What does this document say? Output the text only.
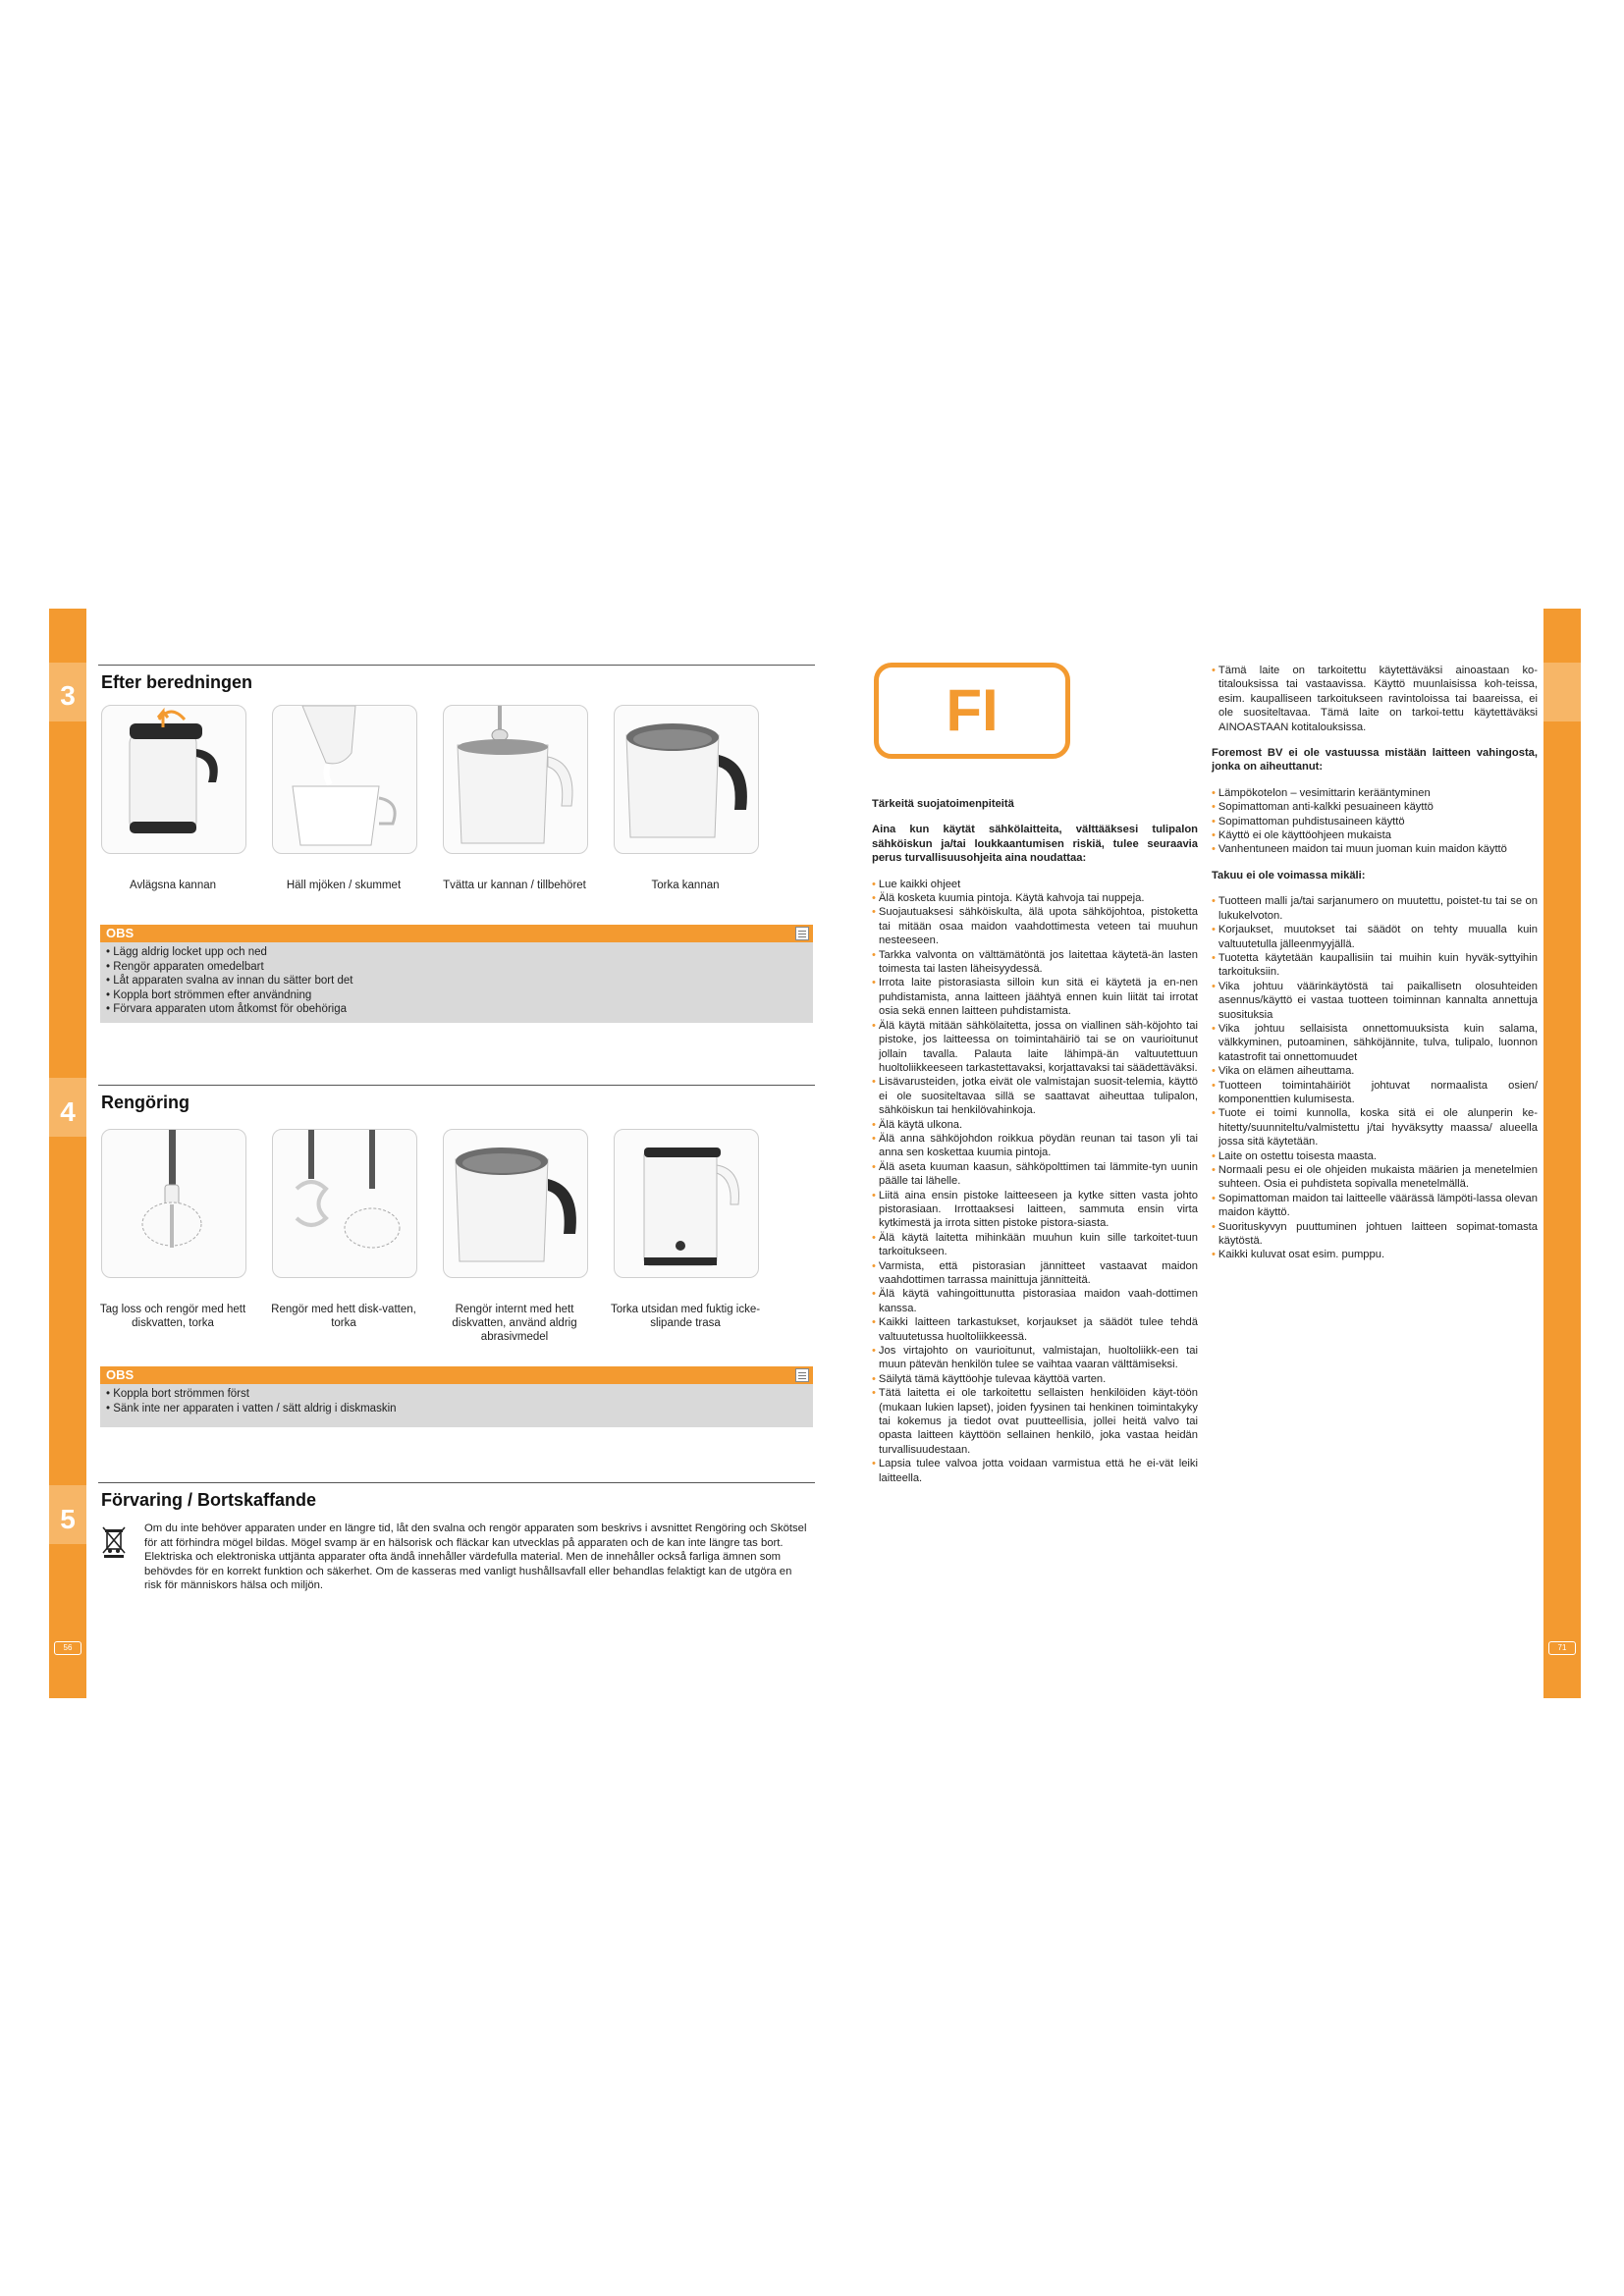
3
4
5
56
Efter beredningen
Avlägsna kannan	Häll mjöken / skummet	Tvätta ur kannan / tillbehöret	Torka kannan
OBS
• Lägg aldrig locket upp och ned
• Rengör apparaten omedelbart
• Låt apparaten svalna av innan du sätter bort det
• Koppla bort strömmen efter användning
• Förvara apparaten utom åtkomst för obehöriga
Rengöring
Tag loss och rengör med hett diskvatten, torka
Rengör med hett disk-vatten, torka
Rengör internt med hett diskvatten, använd aldrig abrasivmedel
Torka utsidan med fuktig icke-slipande trasa
OBS
• Koppla bort strömmen först
• Sänk inte ner apparaten i vatten / sätt aldrig i diskmaskin
Förvaring / Bortskaffande
Om du inte behöver apparaten under en längre tid, låt den svalna och rengör apparaten som beskrivs i avsnittet Rengöring och Skötsel för att förhindra mögel bildas. Mögel svamp är en hälsorisk och fläckar kan utvecklas på apparaten och de kan inte längre tas bort. Elektriska och elektroniska uttjänta apparater ofta ändå innehåller värdefulla material. Men de innehåller också farliga ämnen som behövdes för en korrekt funktion och säkerhet. Om de kasseras med vanligt hushållsavfall eller behandlas felaktigt kan de utgöra en risk för människors hälsa och miljön.
71
FI

Tärkeitä suojatoimenpiteitä

Aina kun käytät sähkölaitteita, välttääksesi tulipalon sähköiskun ja/tai loukkaantumisen riskiä, tulee seuraavia perus turvallisuusohjeita aina noudattaa:

• Lue kaikki ohjeet
• Älä kosketa kuumia pintoja. Käytä kahvoja tai nuppeja.
• Suojautuaksesi sähköiskulta, älä upota sähköjohtoa, pistoketta tai mitään osaa maidon vaahdottimesta veteen tai muuhun nesteeseen.
• Tarkka valvonta on välttämätöntä jos laitettaa käytetä-än lasten toimesta tai lasten läheisyydessä.
• Irrota laite pistorasiasta silloin kun sitä ei käytetä ja en-nen puhdistamista, anna laitteen jäähtyä ennen kuin liität tai irrotat osia sekä ennen laitteen puhdistamista.
• Älä käytä mitään sähkölaitetta, jossa on viallinen säh-köjohto tai pistoke, jos laitteessa on toimintahäiriö tai se on vaurioitunut jollain tavalla. Palauta laite lähimpä-än valtuutettuun huoltoliikkeeseen tarkastettavaksi, korjattavaksi tai säädettäväksi.
• Lisävarusteiden, jotka eivät ole valmistajan suosit-telemia, käyttö ei ole suositeltavaa sillä se saattavat aiheuttaa tulipalon, sähköiskun tai henkilövahinkoja.
• Älä käytä ulkona.
• Älä anna sähköjohdon roikkua pöydän reunan tai tason yli tai anna sen koskettaa kuumia pintoja.
• Älä aseta kuuman kaasun, sähköpolttimen tai lämmite-tyn uunin päälle tai lähelle.
• Liitä aina ensin pistoke laitteeseen ja kytke sitten vasta johto pistorasiaan. Irrottaaksesi laitteen, sammuta ensin virta kytkimestä ja irrota sitten pistoke pistora-siasta.
• Älä käytä laitetta mihinkään muuhun kuin sille tarkoitet-tuun tarkoitukseen.
• Varmista, että pistorasian jännitteet vastaavat maidon vaahdottimen tarrassa mainittuja jännitteitä.
• Älä käytä vahingoittunutta pistorasiaa maidon vaah-dottimen kanssa.
• Kaikki laitteen tarkastukset, korjaukset ja säädöt tulee tehdä valtuutetussa huoltoliikkeessä.
• Jos virtajohto on vaurioitunut, valmistajan, huoltoliikk-een tai muun pätevän henkilön tulee se vaihtaa vaaran välttämiseksi.
• Säilytä tämä käyttöohje tulevaa käyttöä varten.
• Tätä laitetta ei ole tarkoitettu sellaisten henkilöiden käyt-töön (mukaan lukien lapset), joiden fyysinen tai henkinen toimintakyky tai kokemus ja tiedot ovat puutteellisia, jollei heitä valvo tai opasta laitteen käyttöön sellainen henkilö, joka vastaa heidän turvallisuudestaan.
• Lapsia tulee valvoa jotta voidaan varmistua että he ei-vät leiki laitteella.
• Tämä laite on tarkoitettu käytettäväksi ainoastaan ko-titalouksissa tai vastaavissa. Käyttö muunlaisissa koh-teissa, esim. kaupalliseen tarkoitukseen ravintoloissa tai baareissa, ei ole suositeltavaa. Tämä laite on tarkoi-tettu käytettäväksi AINOASTAAN kotitalouksissa.

Foremost BV ei ole vastuussa mistään laitteen vahingosta, jonka on aiheuttanut:

• Lämpökotelon – vesimittarin kerääntyminen
• Sopimattoman anti-kalkki pesuaineen käyttö
• Sopimattoman puhdistusaineen käyttö
• Käyttö ei ole käyttöohjeen mukaista
• Vanhentuneen maidon tai muun juoman kuin maidon käyttö

Takuu ei ole voimassa mikäli:

• Tuotteen malli ja/tai sarjanumero on muutettu, poistet-tu tai se on lukukelvoton.
• Korjaukset, muutokset tai säädöt on tehty muualla kuin valtuutetulla jälleenmyyjällä.
• Tuotetta käytetään kaupallisiin tai muihin kuin hyväk-syttyihin tarkoituksiin.
• Vika johtuu väärinkäytöstä tai paikallisetn olosuhteiden asennus/käyttö ei vastaa tuotteen toiminnan kannalta annettuja suosituksia
• Vika johtuu sellaisista onnettomuuksista kuin salama, välkkyminen, putoaminen, sähköjännite, tulva, tulipalo, luonnon katastrofit tai onnettomuudet
• Vika on elämen aiheuttama.
• Tuotteen toimintahäiriöt johtuvat normaalista osien/ komponenttien kulumisesta.
• Tuote ei toimi kunnolla, koska sitä ei ole alunperin ke-hitetty/suunniteltu/valmistettu j/tai hyväksytty maassa/ alueella jossa sitä käytetään.
• Laite on ostettu toisesta maasta.
• Normaali pesu ei ole ohjeiden mukaista määrien ja menetelmien suhteen. Osia ei puhdisteta sopivalla menetelmällä.
• Sopimattoman maidon tai laitteelle väärässä lämpöti-lassa olevan maidon käyttö.
• Suorituskyvyn puuttuminen johtuen laitteen sopimat-tomasta käytöstä.
• Kaikki kuluvat osat esim. pumppu.
